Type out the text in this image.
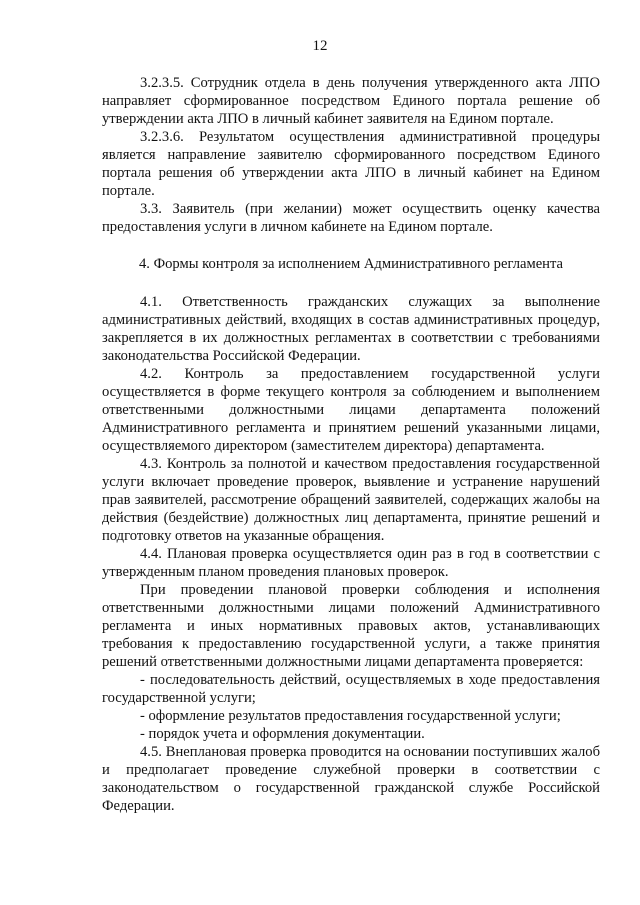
12

3.2.3.5. Сотрудник отдела в день получения утвержденного акта ЛПО направляет сформированное посредством Единого портала решение об утверждении акта ЛПО в личный кабинет заявителя на Едином портале.

3.2.3.6. Результатом осуществления административной процедуры является направление заявителю сформированного посредством Единого портала решения об утверждении акта ЛПО в личный кабинет на Едином портале.

3.3. Заявитель (при желании) может осуществить оценку качества предоставления услуги в личном кабинете на Едином портале.

4. Формы контроля за исполнением Административного регламента

4.1. Ответственность гражданских служащих за выполнение административных действий, входящих в состав административных процедур, закрепляется в их должностных регламентах в соответствии с требованиями законодательства Российской Федерации.

4.2. Контроль за предоставлением государственной услуги осуществляется в форме текущего контроля за соблюдением и выполнением ответственными должностными лицами департамента положений Административного регламента и принятием решений указанными лицами, осуществляемого директором (заместителем директора) департамента.

4.3. Контроль за полнотой и качеством предоставления государственной услуги включает проведение проверок, выявление и устранение нарушений прав заявителей, рассмотрение обращений заявителей, содержащих жалобы на действия (бездействие) должностных лиц департамента, принятие решений и подготовку ответов на указанные обращения.

4.4. Плановая проверка осуществляется один раз в год в соответствии с утвержденным планом проведения плановых проверок.

При проведении плановой проверки соблюдения и исполнения ответственными должностными лицами положений Административного регламента и иных нормативных правовых актов, устанавливающих требования к предоставлению государственной услуги, а также принятия решений ответственными должностными лицами департамента проверяется:

- последовательность действий, осуществляемых в ходе предоставления государственной услуги;

- оформление результатов предоставления государственной услуги;

- порядок учета и оформления документации.

4.5. Внеплановая проверка проводится на основании поступивших жалоб и предполагает проведение служебной проверки в соответствии с законодательством о государственной гражданской службе Российской Федерации.
